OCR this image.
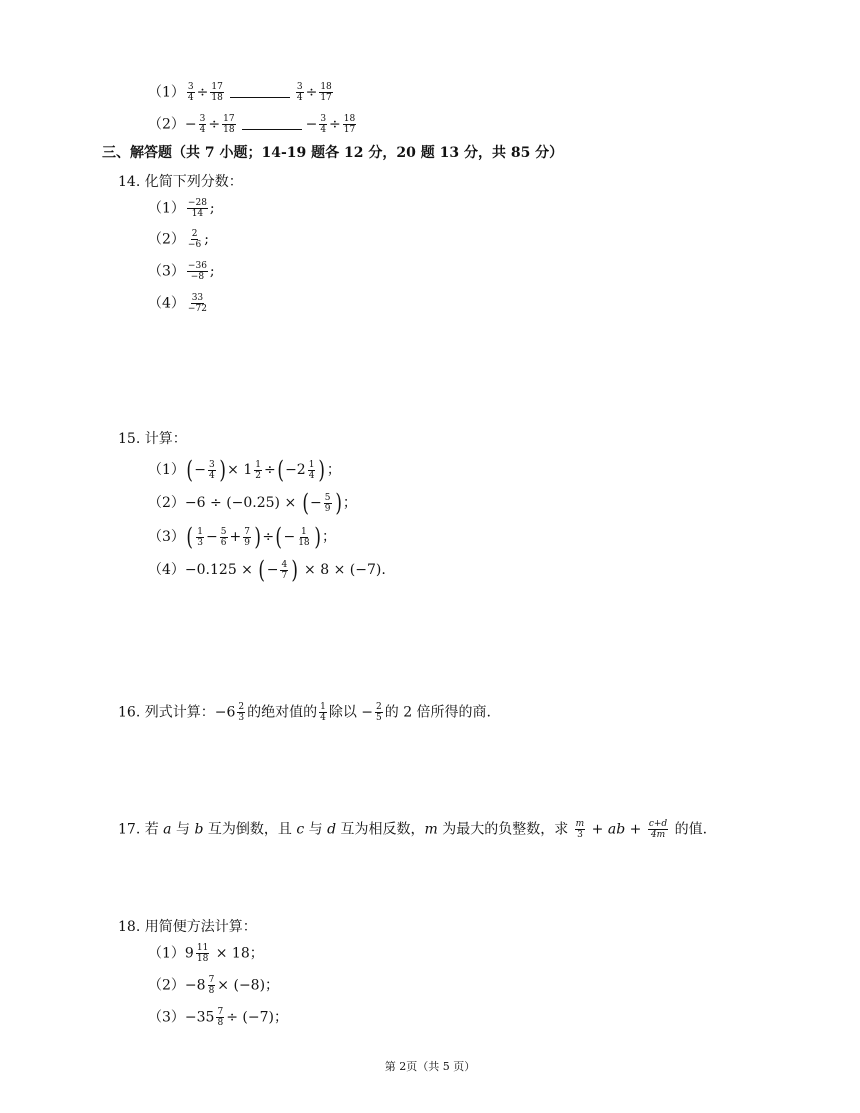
$(1) \frac{3}{4} \div \frac{17}{18}$	$\frac{3}{4} \div \frac{18}{17}$
$(2)- \frac{3}{4} \div \frac{17}{18}$	− $\frac{3}{4} \div \frac{18}{17}$
三、解答题（共 7 小题；14-19 题各 12 分，20 题 13 分，共 85 分）
14. 化简下列分数：
$(1) \frac{-28}{14}$ ;
$(2) \frac{2}{-6}$ ;
$(3) \frac{-36}{-8}$ ;
$(4) \frac{33}{-72}$
15. 计算：
$(1)(- \frac{3}{4}$ )× $1 \frac{1}{2} \div(-2 \frac{1}{4}$ )；
（2）−6 ÷ (−0.25) × (− $\frac{5}{9}$ )；
$(3)( \frac{1}{3} - \frac{5}{6} + \frac{7}{9}$ )÷(− $\frac{1}{18}$ )；
（4）−0.125 × (− $\frac{4}{7}$ ) × 8 × (−7).
16. 列式计算：$-6 \frac{2}{3}$ 的绝对值的 $\frac{1}{4}$ 除以 − $\frac{2}{5}$ 的 2 倍所得的商.
17. 若 a 与 b 互为倒数，且 c 与 d 互为相反数，m 为最大的负整数，求 $\frac{m}{3}$ + ab + $\frac{c+d}{4m}$ 的值.
18. 用简便方法计算：
$(1)9 \frac{11}{18} \times 18$；
$(2)-8 \frac{7}{8} \times (-8)$；
$(3)-35 \frac{7}{8} \div (-7)$；
第 2页（共 5 页）
